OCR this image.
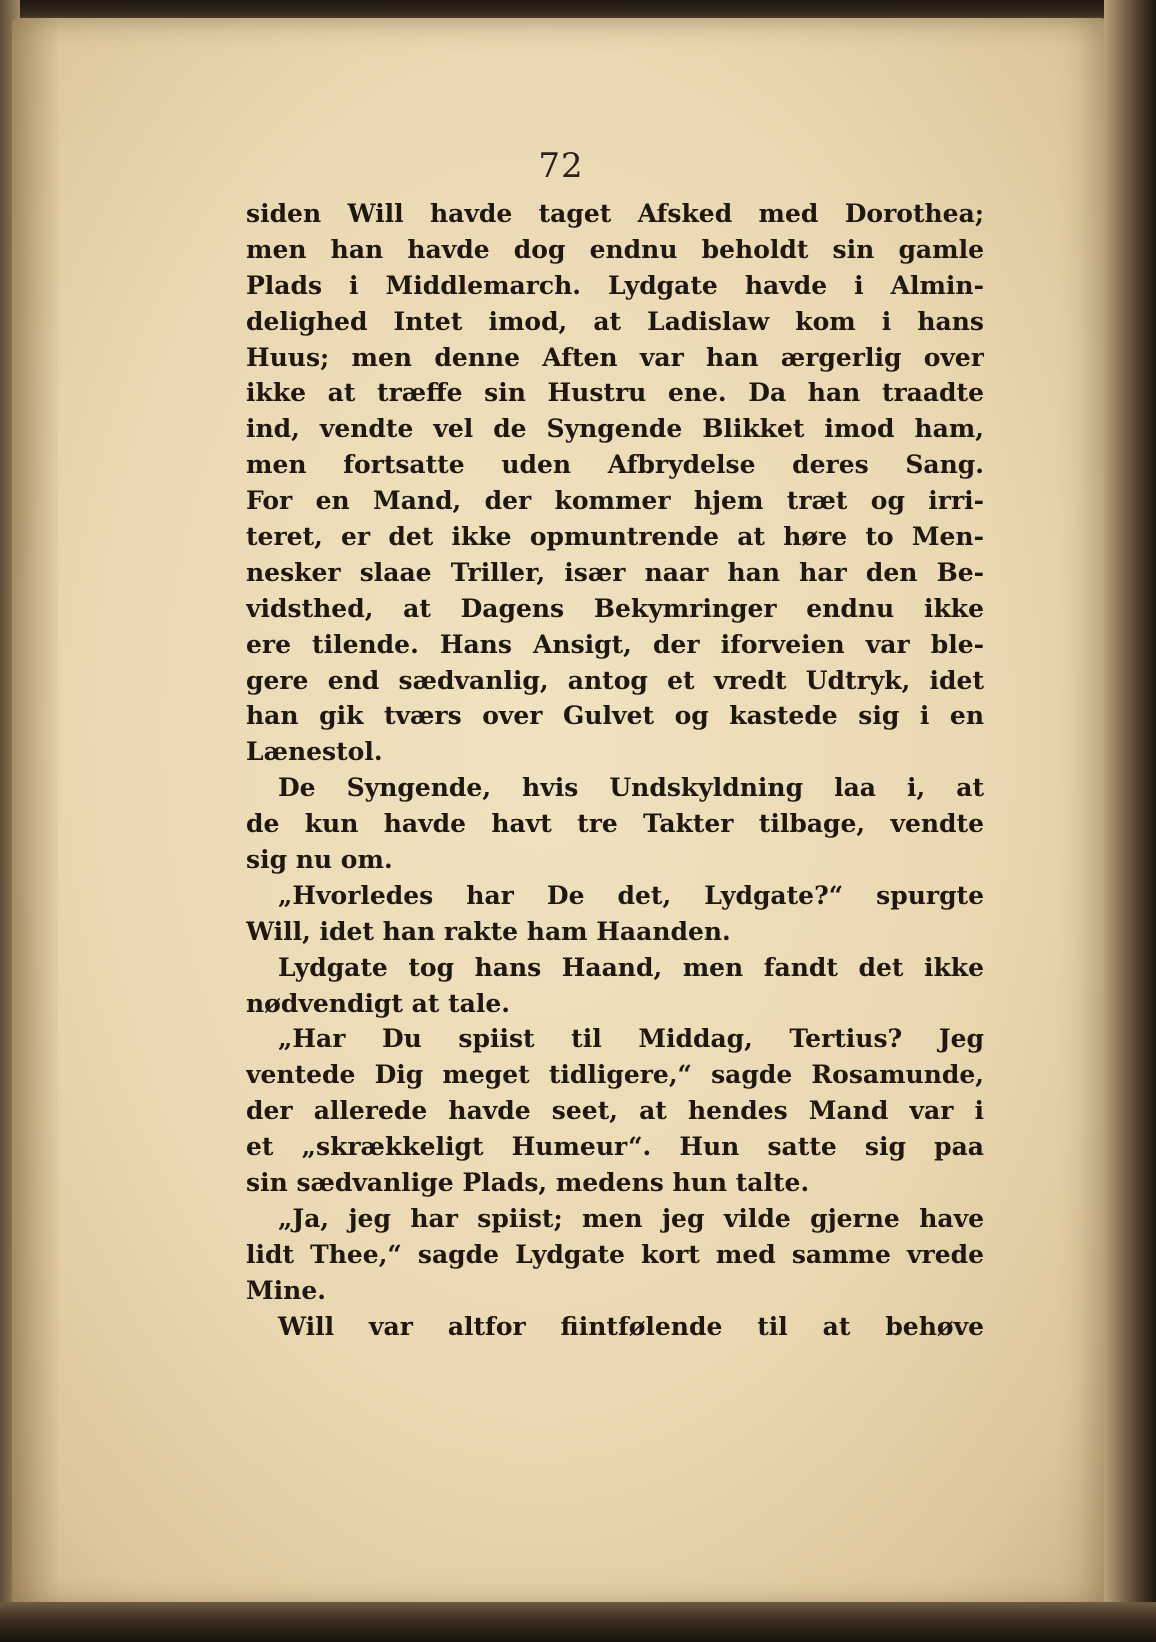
72
siden Will havde taget Afsked med Dorothea;
men han havde dog endnu beholdt sin gamle
Plads i Middlemarch. Lydgate havde i Almin-
delighed Intet imod, at Ladislaw kom i hans
Huus; men denne Aften var han ærgerlig over
ikke at træffe sin Hustru ene. Da han traadte
ind, vendte vel de Syngende Blikket imod ham,
men fortsatte uden Afbrydelse deres Sang.
For en Mand, der kommer hjem træt og irri-
teret, er det ikke opmuntrende at høre to Men-
nesker slaae Triller, især naar han har den Be-
vidsthed, at Dagens Bekymringer endnu ikke
ere tilende. Hans Ansigt, der iforveien var ble-
gere end sædvanlig, antog et vredt Udtryk, idet
han gik tværs over Gulvet og kastede sig i en
Lænestol.
De Syngende, hvis Undskyldning laa i, at
de kun havde havt tre Takter tilbage, vendte
sig nu om.
„Hvorledes har De det, Lydgate?“ spurgte
Will, idet han rakte ham Haanden.
Lydgate tog hans Haand, men fandt det ikke
nødvendigt at tale.
„Har Du spiist til Middag, Tertius? Jeg
ventede Dig meget tidligere,“ sagde Rosamunde,
der allerede havde seet, at hendes Mand var i
et „skrækkeligt Humeur“. Hun satte sig paa
sin sædvanlige Plads, medens hun talte.
„Ja, jeg har spiist; men jeg vilde gjerne have
lidt Thee,“ sagde Lydgate kort med samme vrede
Mine.
Will var altfor fiintfølende til at behøve
